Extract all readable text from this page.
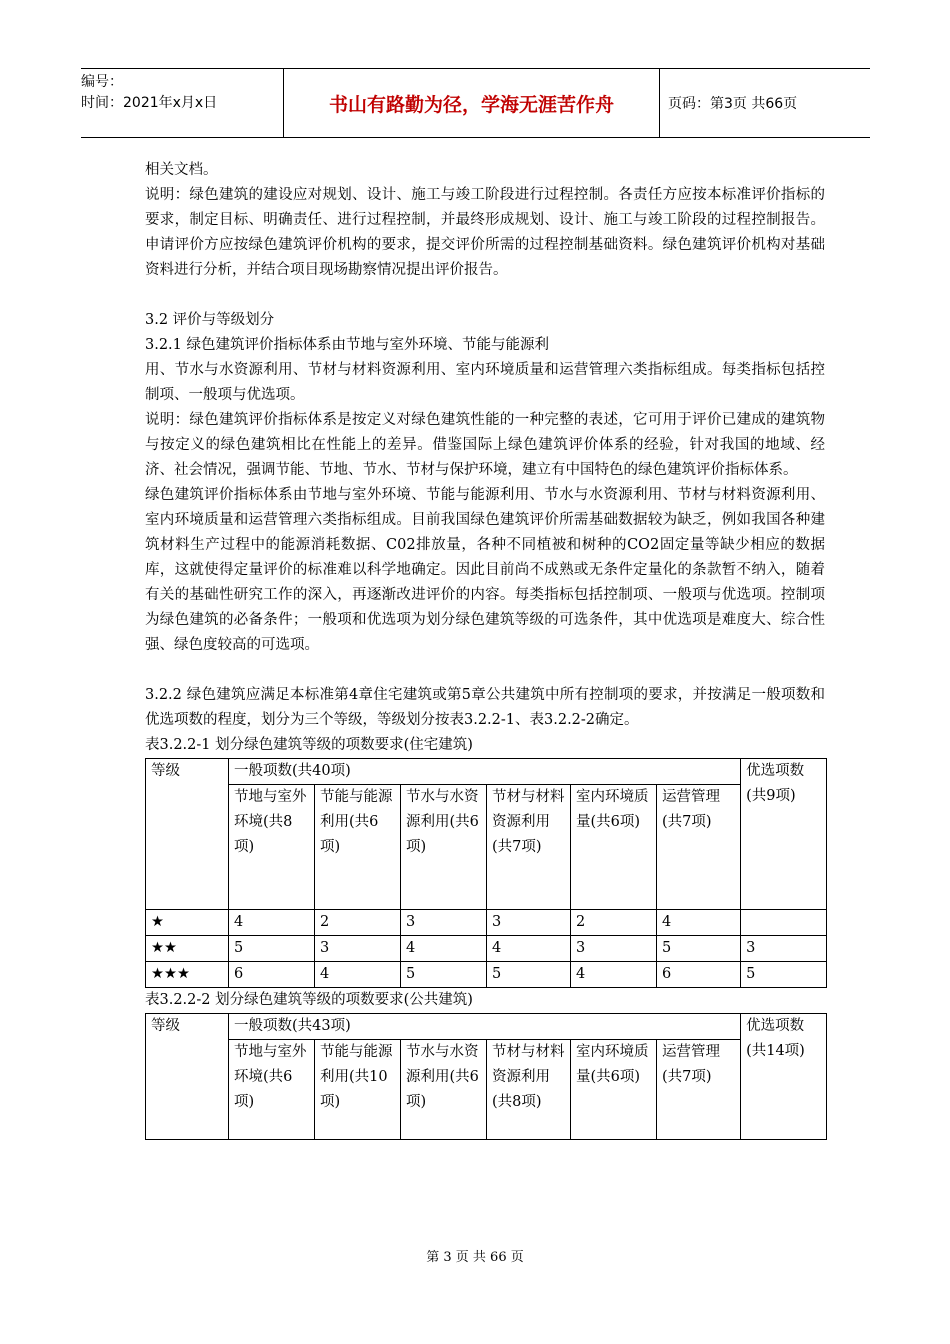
编号：
时间：2021年x月x日	书山有路勤为径，学海无涯苦作舟	页码：第3页 共66页

相关文档。

说明：绿色建筑的建设应对规划、设计、施工与竣工阶段进行过程控制。各责任方应按本标准评价指标的要求，制定目标、明确责任、进行过程控制，并最终形成规划、设计、施工与竣工阶段的过程控制报告。申请评价方应按绿色建筑评价机构的要求，提交评价所需的过程控制基础资料。绿色建筑评价机构对基础资料进行分析，并结合项目现场勘察情况提出评价报告。

3.2 评价与等级划分

3.2.1 绿色建筑评价指标体系由节地与室外环境、节能与能源利

用、节水与水资源利用、节材与材料资源利用、室内环境质量和运营管理六类指标组成。每类指标包括控制项、一般项与优选项。

说明：绿色建筑评价指标体系是按定义对绿色建筑性能的一种完整的表述，它可用于评价已建成的建筑物与按定义的绿色建筑相比在性能上的差异。借鉴国际上绿色建筑评价体系的经验，针对我国的地域、经济、社会情况，强调节能、节地、节水、节材与保护环境，建立有中国特色的绿色建筑评价指标体系。

绿色建筑评价指标体系由节地与室外环境、节能与能源利用、节水与水资源利用、节材与材料资源利用、室内环境质量和运营管理六类指标组成。目前我国绿色建筑评价所需基础数据较为缺乏，例如我国各种建筑材料生产过程中的能源消耗数据、C02排放量，各种不同植被和树种的CO2固定量等缺少相应的数据库，这就使得定量评价的标准难以科学地确定。因此目前尚不成熟或无条件定量化的条款暂不纳入，随着有关的基础性研究工作的深入，再逐渐改进评价的内容。每类指标包括控制项、一般项与优选项。控制项为绿色建筑的必备条件；一般项和优选项为划分绿色建筑等级的可选条件，其中优选项是难度大、综合性强、绿色度较高的可选项。

3.2.2 绿色建筑应满足本标准第4章住宅建筑或第5章公共建筑中所有控制项的要求，并按满足一般项数和优选项数的程度，划分为三个等级，等级划分按表3.2.2-1、表3.2.2-2确定。

表3.2.2-1 划分绿色建筑等级的项数要求(住宅建筑)

等级	一般项数(共40项)						优选项数(共9项)
	节地与室外环境(共8项)	节能与能源利用(共6项)	节水与水资源利用(共6项)	节材与材料资源利用(共7项)	室内环境质量(共6项)	运营管理(共7项)	
★	4	2	3	3	2	4	
★★	5	3	4	4	3	5	3
★★★	6	4	5	5	4	6	5

表3.2.2-2 划分绿色建筑等级的项数要求(公共建筑)

等级	一般项数(共43项)						优选项数(共14项)
	节地与室外环境(共6项)	节能与能源利用(共10项)	节水与水资源利用(共6项)	节材与材料资源利用(共8项)	室内环境质量(共6项)	运营管理(共7项)	
第 3 页 共 66 页
